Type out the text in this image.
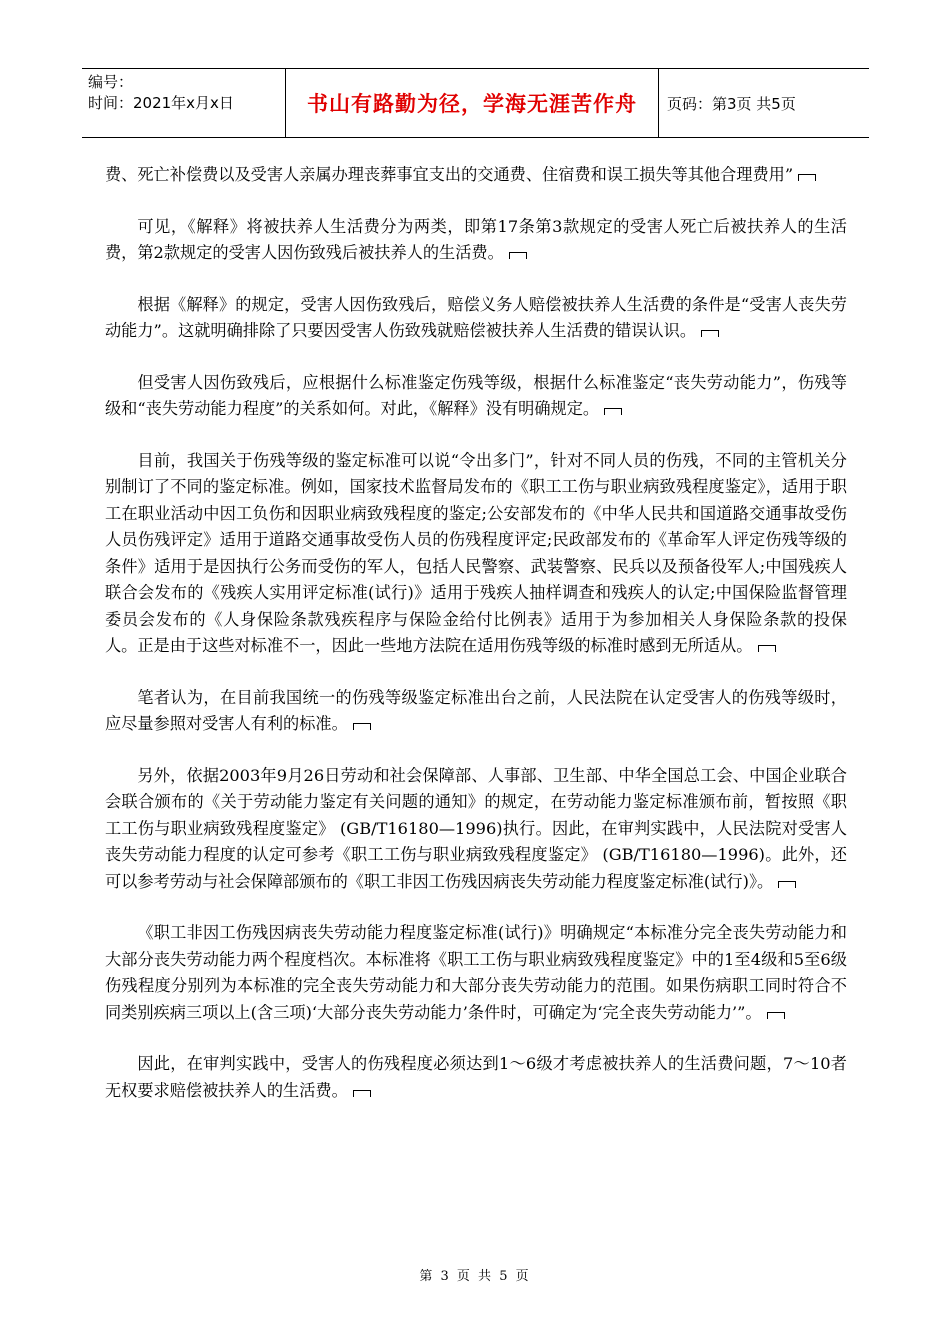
编号：
时间：2021年x月x日	书山有路勤为径，学海无涯苦作舟	页码：第3页 共5页

费、死亡补偿费以及受害人亲属办理丧葬事宜支出的交通费、住宿费和误工损失等其他合理费用”

可见，《解释》将被扶养人生活费分为两类，即第17条第3款规定的受害人死亡后被扶养人的生活费，第2款规定的受害人因伤致残后被扶养人的生活费。

根据《解释》的规定，受害人因伤致残后，赔偿义务人赔偿被扶养人生活费的条件是“受害人丧失劳动能力”。这就明确排除了只要因受害人伤致残就赔偿被扶养人生活费的错误认识。

但受害人因伤致残后，应根据什么标准鉴定伤残等级，根据什么标准鉴定“丧失劳动能力”，伤残等级和“丧失劳动能力程度”的关系如何。对此，《解释》没有明确规定。

目前，我国关于伤残等级的鉴定标准可以说“令出多门”，针对不同人员的伤残，不同的主管机关分别制订了不同的鉴定标准。例如，国家技术监督局发布的《职工工伤与职业病致残程度鉴定》，适用于职工在职业活动中因工负伤和因职业病致残程度的鉴定;公安部发布的《中华人民共和国道路交通事故受伤人员伤残评定》适用于道路交通事故受伤人员的伤残程度评定;民政部发布的《革命军人评定伤残等级的条件》适用于是因执行公务而受伤的军人，包括人民警察、武装警察、民兵以及预备役军人;中国残疾人联合会发布的《残疾人实用评定标准(试行)》适用于残疾人抽样调查和残疾人的认定;中国保险监督管理委员会发布的《人身保险条款残疾程序与保险金给付比例表》适用于为参加相关人身保险条款的投保人。正是由于这些对标准不一，因此一些地方法院在适用伤残等级的标准时感到无所适从。

笔者认为，在目前我国统一的伤残等级鉴定标准出台之前，人民法院在认定受害人的伤残等级时，应尽量参照对受害人有利的标准。

另外，依据2003年9月26日劳动和社会保障部、人事部、卫生部、中华全国总工会、中国企业联合会联合颁布的《关于劳动能力鉴定有关问题的通知》的规定，在劳动能力鉴定标准颁布前，暂按照《职工工伤与职业病致残程度鉴定》 (GB/T16180—1996)执行。因此，在审判实践中，人民法院对受害人丧失劳动能力程度的认定可参考《职工工伤与职业病致残程度鉴定》 (GB/T16180—1996)。此外，还可以参考劳动与社会保障部颁布的《职工非因工伤残因病丧失劳动能力程度鉴定标准(试行)》。

《职工非因工伤残因病丧失劳动能力程度鉴定标准(试行)》明确规定“本标准分完全丧失劳动能力和大部分丧失劳动能力两个程度档次。本标准将《职工工伤与职业病致残程度鉴定》中的1至4级和5至6级伤残程度分别列为本标准的完全丧失劳动能力和大部分丧失劳动能力的范围。如果伤病职工同时符合不同类别疾病三项以上(含三项)‘大部分丧失劳动能力’条件时，可确定为‘完全丧失劳动能力’”。

因此，在审判实践中，受害人的伤残程度必须达到1～6级才考虑被扶养人的生活费问题，7～10者无权要求赔偿被扶养人的生活费。

第 3 页 共 5 页
